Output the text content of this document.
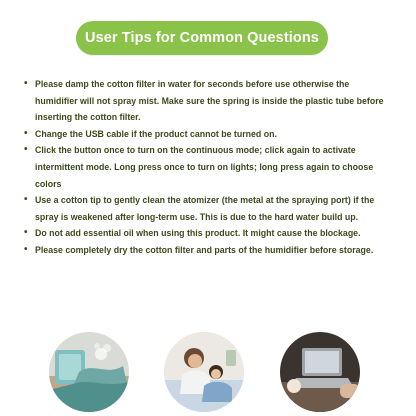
User Tips for Common Questions
• Please damp the cotton filter in water for seconds before use otherwise the humidifier will not spray mist. Make sure the spring is inside the plastic tube before inserting the cotton filter.
• Change the USB cable if the product cannot be turned on.
• Click the button once to turn on the continuous mode; click again to activate intermittent mode. Long press once to turn on lights; long press again to choose colors
• Use a cotton tip to gently clean the atomizer (the metal at the spraying port) if the spray is weakened after long-term use. This is due to the hard water build up.
• Do not add essential oil when using this product. It might cause the blockage.
• Please completely dry the cotton filter and parts of the humidifier before storage.
